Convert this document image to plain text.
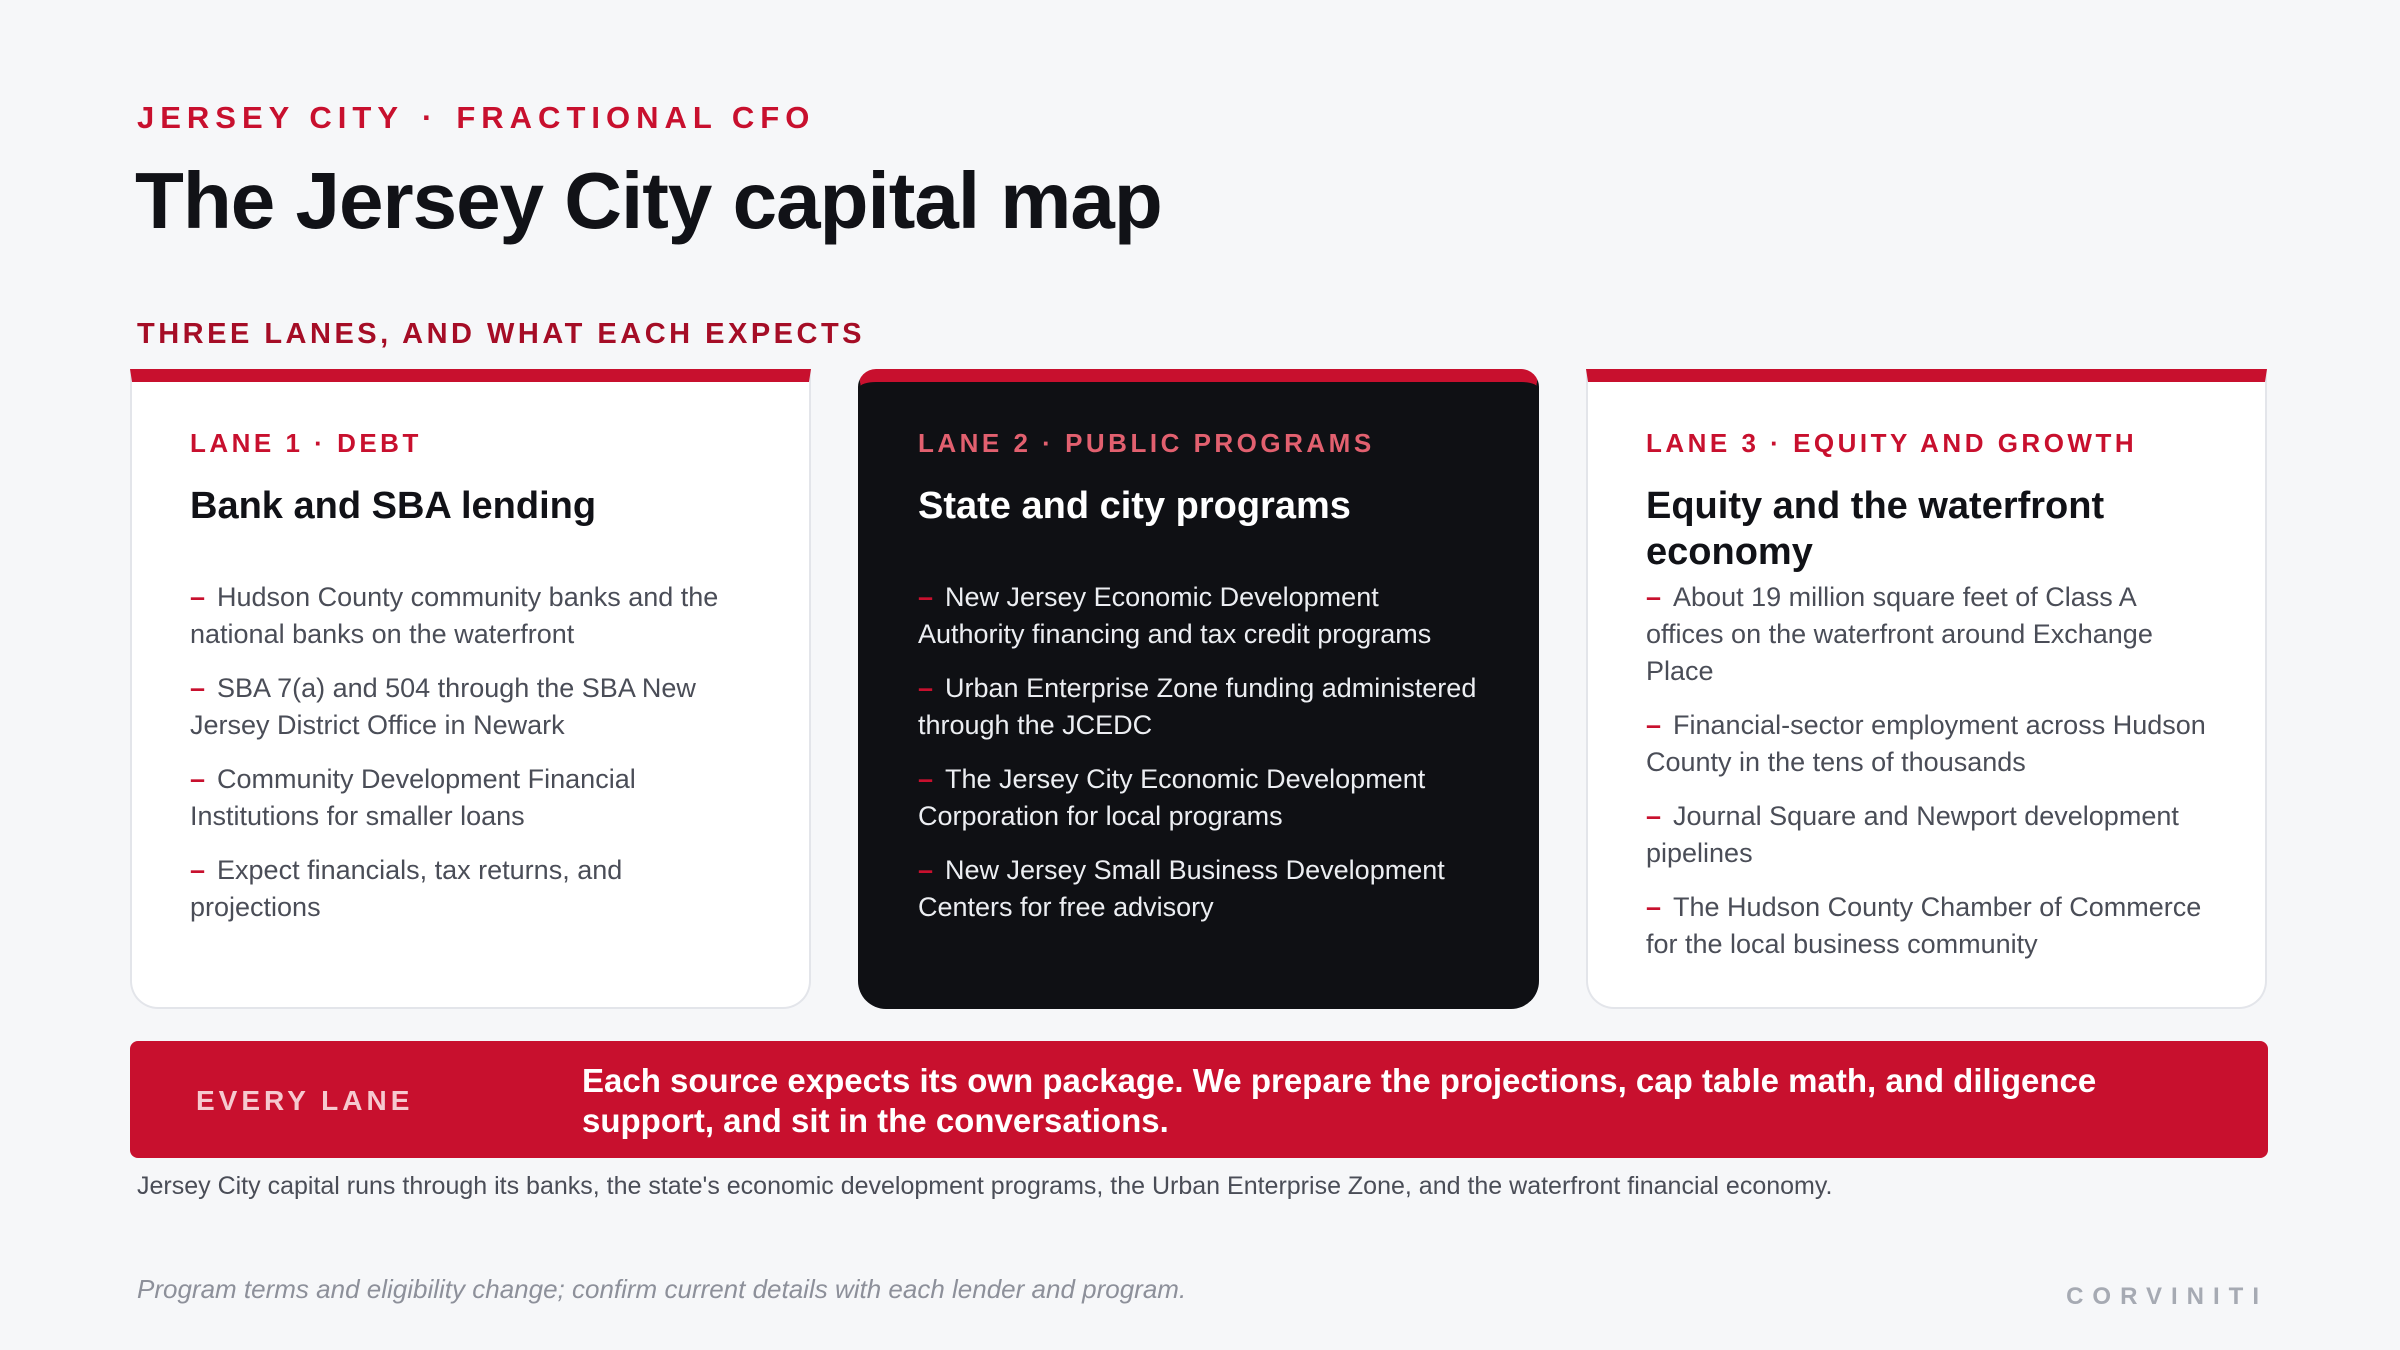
JERSEY CITY · FRACTIONAL CFO
The Jersey City capital map
THREE LANES, AND WHAT EACH EXPECTS
LANE 1 · DEBT
Bank and SBA lending
– Hudson County community banks and the national banks on the waterfront
– SBA 7(a) and 504 through the SBA New Jersey District Office in Newark
– Community Development Financial Institutions for smaller loans
– Expect financials, tax returns, and projections
LANE 2 · PUBLIC PROGRAMS
State and city programs
– New Jersey Economic Development Authority financing and tax credit programs
– Urban Enterprise Zone funding administered through the JCEDC
– The Jersey City Economic Development Corporation for local programs
– New Jersey Small Business Development Centers for free advisory
LANE 3 · EQUITY AND GROWTH
Equity and the waterfront economy
– About 19 million square feet of Class A offices on the waterfront around Exchange Place
– Financial-sector employment across Hudson County in the tens of thousands
– Journal Square and Newport development pipelines
– The Hudson County Chamber of Commerce for the local business community
EVERY LANE
Each source expects its own package. We prepare the projections, cap table math, and diligence support, and sit in the conversations.
Jersey City capital runs through its banks, the state's economic development programs, the Urban Enterprise Zone, and the waterfront financial economy.
Program terms and eligibility change; confirm current details with each lender and program.	CORVINITI
